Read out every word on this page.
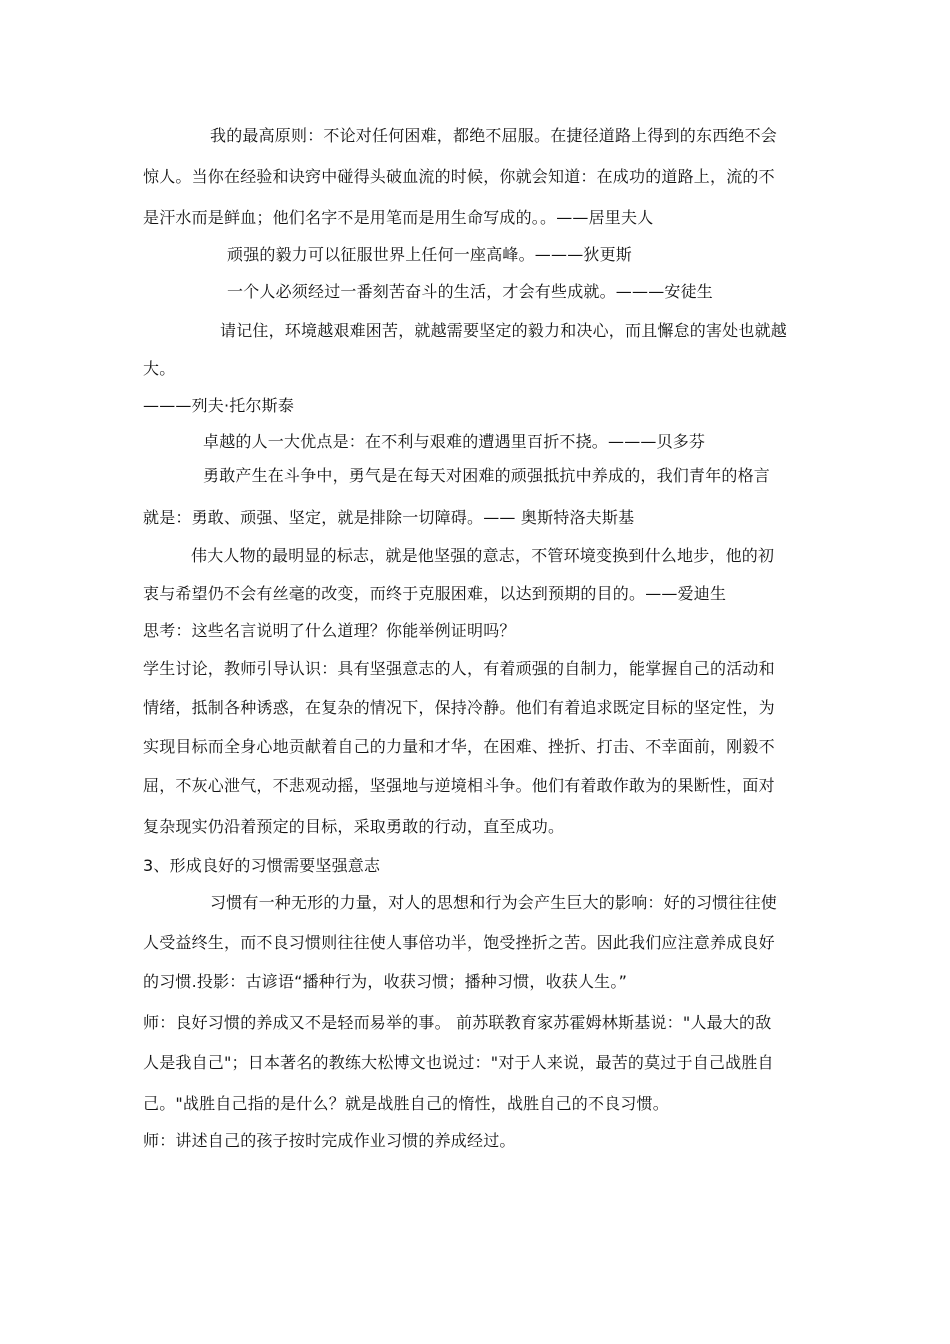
我的最高原则：不论对任何困难，都绝不屈服。在捷径道路上得到的东西绝不会
惊人。当你在经验和诀窍中碰得头破血流的时候，你就会知道：在成功的道路上，流的不
是汗水而是鲜血；他们名字不是用笔而是用生命写成的。。——居里夫人
顽强的毅力可以征服世界上任何一座高峰。———狄更斯
一个人必须经过一番刻苦奋斗的生活，才会有些成就。———安徒生
请记住，环境越艰难困苦，就越需要坚定的毅力和决心，而且懈怠的害处也就越
大。
———列夫·托尔斯泰
卓越的人一大优点是：在不利与艰难的遭遇里百折不挠。———贝多芬
勇敢产生在斗争中，勇气是在每天对困难的顽强抵抗中养成的，我们青年的格言
就是：勇敢、顽强、坚定，就是排除一切障碍。—— 奥斯特洛夫斯基
伟大人物的最明显的标志，就是他坚强的意志，不管环境变换到什么地步，他的初
衷与希望仍不会有丝毫的改变，而终于克服困难，以达到预期的目的。——爱迪生
思考：这些名言说明了什么道理？你能举例证明吗？
学生讨论，教师引导认识：具有坚强意志的人，有着顽强的自制力，能掌握自己的活动和
情绪，抵制各种诱惑，在复杂的情况下，保持冷静。他们有着追求既定目标的坚定性，为
实现目标而全身心地贡献着自己的力量和才华，在困难、挫折、打击、不幸面前，刚毅不
屈，不灰心泄气，不悲观动摇，坚强地与逆境相斗争。他们有着敢作敢为的果断性，面对
复杂现实仍沿着预定的目标，采取勇敢的行动，直至成功。
3、形成良好的习惯需要坚强意志
习惯有一种无形的力量，对人的思想和行为会产生巨大的影响：好的习惯往往使
人受益终生，而不良习惯则往往使人事倍功半，饱受挫折之苦。因此我们应注意养成良好
的习惯.投影：古谚语“播种行为，收获习惯；播种习惯，收获人生。”
师：良好习惯的养成又不是轻而易举的事。 前苏联教育家苏霍姆林斯基说："人最大的敌
人是我自己"；日本著名的教练大松博文也说过："对于人来说，最苦的莫过于自己战胜自
己。"战胜自己指的是什么？就是战胜自己的惰性，战胜自己的不良习惯。
师：讲述自己的孩子按时完成作业习惯的养成经过。
